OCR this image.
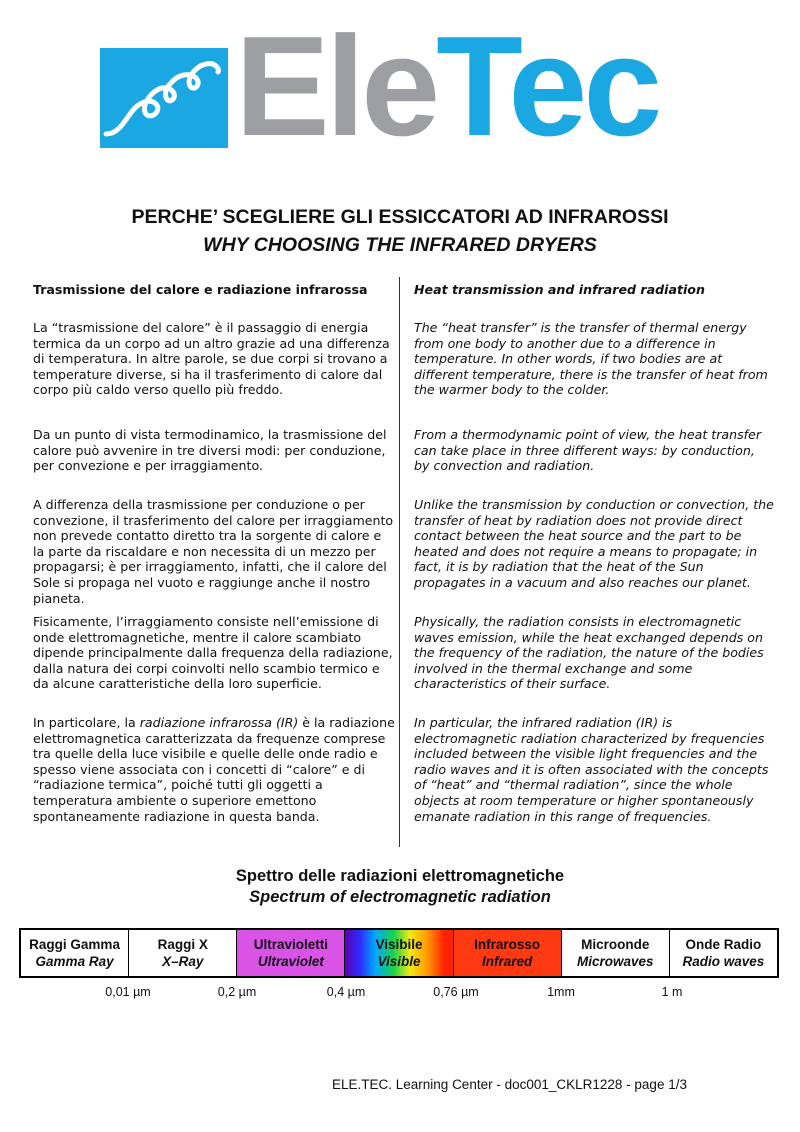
EleTec
PERCHE’ SCEGLIERE GLI ESSICCATORI AD INFRAROSSI
WHY CHOOSING THE INFRARED DRYERS

Trasmissione del calore e radiazione infrarossa

La “trasmissione del calore” è il passaggio di energia termica da un corpo ad un altro grazie ad una differenza di temperatura. In altre parole, se due corpi si trovano a temperature diverse, si ha il trasferimento di calore dal corpo più caldo verso quello più freddo.

Da un punto di vista termodinamico, la trasmissione del calore può avvenire in tre diversi modi: per conduzione, per convezione e per irraggiamento.

A differenza della trasmissione per conduzione o per convezione, il trasferimento del calore per irraggiamento non prevede contatto diretto tra la sorgente di calore e la parte da riscaldare e non necessita di un mezzo per propagarsi; è per irraggiamento, infatti, che il calore del Sole si propaga nel vuoto e raggiunge anche il nostro pianeta.

Fisicamente, l’irraggiamento consiste nell’emissione di onde elettromagnetiche, mentre il calore scambiato dipende principalmente dalla frequenza della radiazione, dalla natura dei corpi coinvolti nello scambio termico e da alcune caratteristiche della loro superficie.

In particolare, la radiazione infrarossa (IR) è la radiazione elettromagnetica caratterizzata da frequenze comprese tra quelle della luce visibile e quelle delle onde radio e spesso viene associata con i concetti di “calore” e di “radiazione termica”, poiché tutti gli oggetti a temperatura ambiente o superiore emettono spontaneamente radiazione in questa banda.

Heat transmission and infrared radiation

The “heat transfer” is the transfer of thermal energy from one body to another due to a difference in temperature. In other words, if two bodies are at different temperature, there is the transfer of heat from the warmer body to the colder.

From a thermodynamic point of view, the heat transfer can take place in three different ways: by conduction, by convection and radiation.

Unlike the transmission by conduction or convection, the transfer of heat by radiation does not provide direct contact between the heat source and the part to be heated and does not require a means to propagate; in fact, it is by radiation that the heat of the Sun propagates in a vacuum and also reaches our planet.

Physically, the radiation consists in electromagnetic waves emission, while the heat exchanged depends on the frequency of the radiation, the nature of the bodies involved in the thermal exchange and some characteristics of their surface.

In particular, the infrared radiation (IR) is electromagnetic radiation characterized by frequencies included between the visible light frequencies and the radio waves and it is often associated with the concepts of “heat” and “thermal radiation”, since the whole objects at room temperature or higher spontaneously emanate radiation in this range of frequencies.

Spettro delle radiazioni elettromagnetiche
Spectrum of electromagnetic radiation
Raggi Gamma
Gamma Ray
Raggi X
X–Ray
Ultravioletti
Ultraviolet
Visibile
Visible
Infrarosso
Infrared
Microonde
Microwaves
Onde Radio
Radio waves
0,01 µm	0,2 µm	0,4 µm	0,76 µm	1mm	1 m
ELE.TEC. Learning Center - doc001_CKLR1228 - page 1/3
